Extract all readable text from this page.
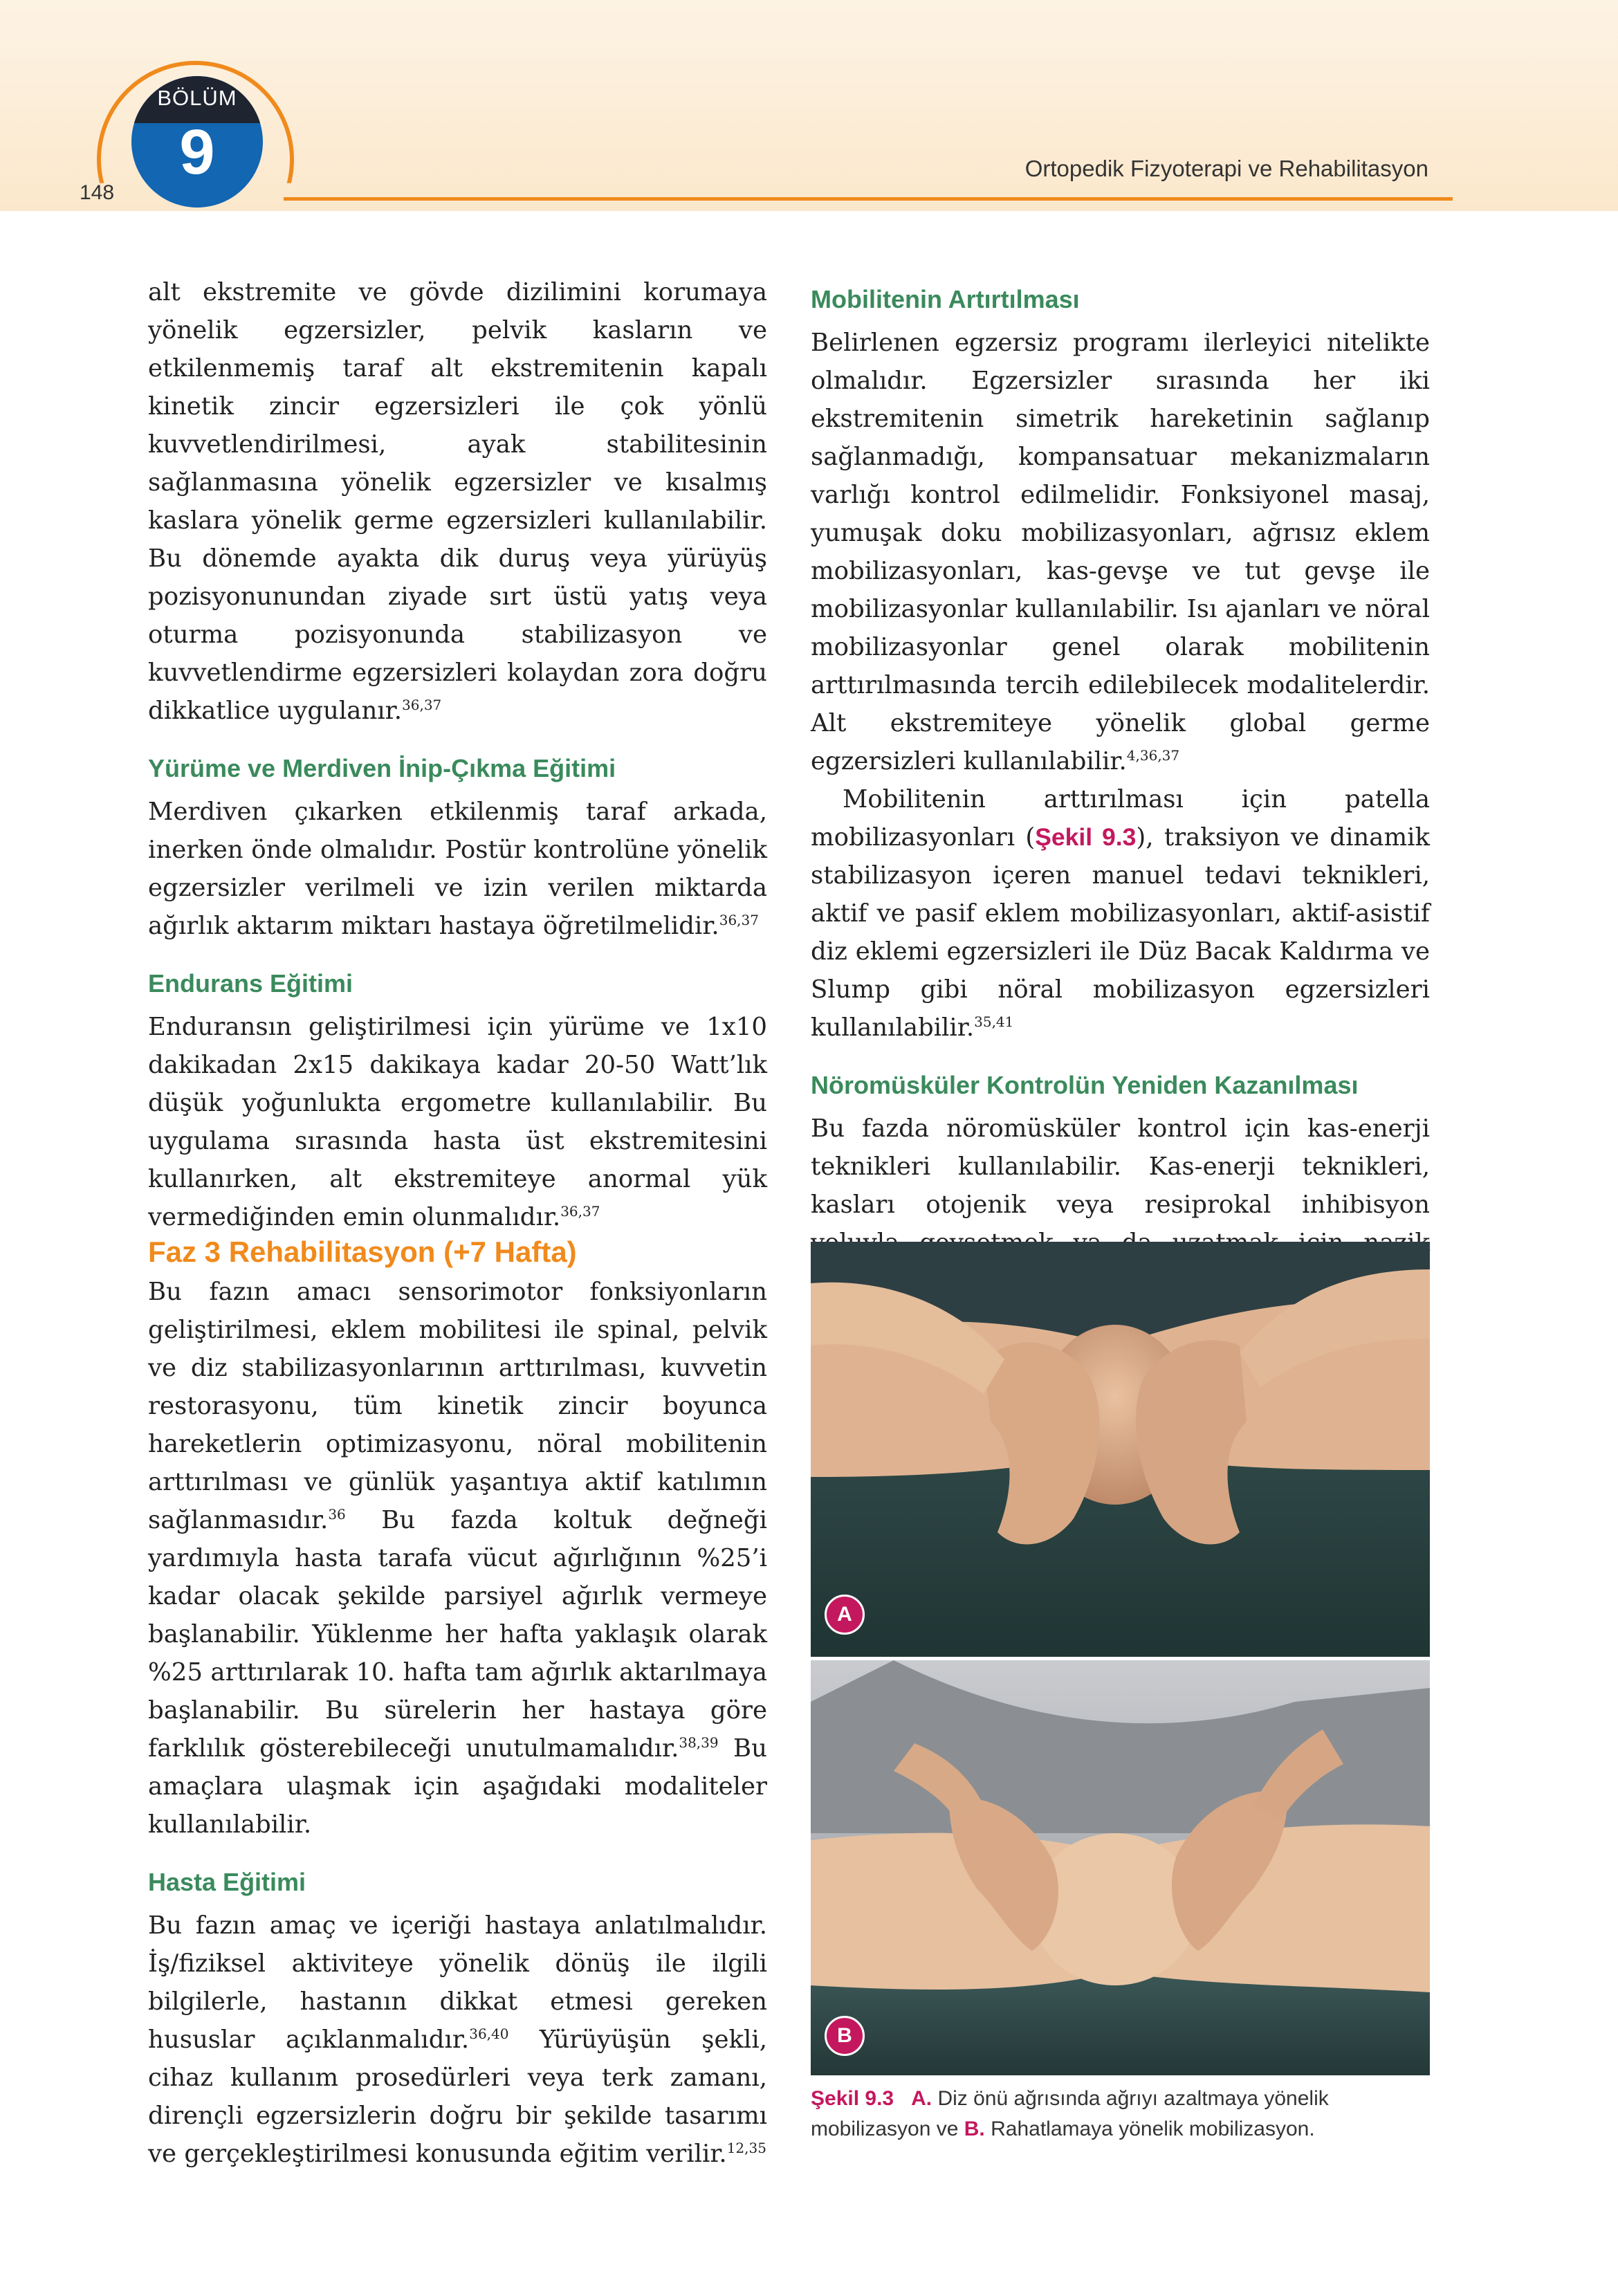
BÖLÜM
9
148
Ortopedik Fizyoterapi ve Rehabilitasyon

alt ekstremite ve gövde dizilimini korumaya yönelik egzersizler, pelvik kasların ve etkilenmemiş taraf alt ekstremitenin kapalı kinetik zincir egzersizleri ile çok yönlü kuvvetlendirilmesi, ayak stabilitesinin sağlanmasına yönelik egzersizler ve kısalmış kaslara yönelik germe egzersizleri kullanılabilir. Bu dönemde ayakta dik duruş veya yürüyüş pozisyonunundan ziyade sırt üstü yatış veya oturma pozisyonunda stabilizasyon ve kuvvetlendirme egzersizleri kolaydan zora doğru dikkatlice uygulanır.$^{36,37}$

Yürüme ve Merdiven İnip-Çıkma Eğitimi

Merdiven çıkarken etkilenmiş taraf arkada, inerken önde olmalıdır. Postür kontrolüne yönelik egzersizler verilmeli ve izin verilen miktarda ağırlık aktarım miktarı hastaya öğretilmelidir.$^{36,37}$

Endurans Eğitimi

Enduransın geliştirilmesi için yürüme ve 1x10 dakikadan 2x15 dakikaya kadar 20-50 Watt’lık düşük yoğunlukta ergometre kullanılabilir. Bu uygulama sırasında hasta üst ekstremitesini kullanırken, alt ekstremiteye anormal yük vermediğinden emin olunmalıdır.$^{36,37}$

Faz 3 Rehabilitasyon (+7 Hafta)

Bu fazın amacı sensorimotor fonksiyonların geliştirilmesi, eklem mobilitesi ile spinal, pelvik ve diz stabilizasyonlarının arttırılması, kuvvetin restorasyonu, tüm kinetik zincir boyunca hareketlerin optimizasyonu, nöral mobilitenin arttırılması ve günlük yaşantıya aktif katılımın sağlanmasıdır.$^{36}$ Bu fazda koltuk değneği yardımıyla hasta tarafa vücut ağırlığının %25’i kadar olacak şekilde parsiyel ağırlık vermeye başlanabilir. Yüklenme her hafta yaklaşık olarak %25 arttırılarak 10. hafta tam ağırlık aktarılmaya başlanabilir. Bu sürelerin her hastaya göre farklılık gösterebileceği unutulmamalıdır.$^{38,39}$ Bu amaçlara ulaşmak için aşağıdaki modaliteler kullanılabilir.

Hasta Eğitimi

Bu fazın amaç ve içeriği hastaya anlatılmalıdır. İş/fiziksel aktiviteye yönelik dönüş ile ilgili bilgilerle, hastanın dikkat etmesi gereken hususlar açıklanmalıdır.$^{36,40}$ Yürüyüşün şekli, cihaz kullanım prosedürleri veya terk zamanı, dirençli egzersizlerin doğru bir şekilde tasarımı ve gerçekleştirilmesi konusunda eğitim verilir.$^{12,35}$

Mobilitenin Artırtılması

Belirlenen egzersiz programı ilerleyici nitelikte olmalıdır. Egzersizler sırasında her iki ekstremitenin simetrik hareketinin sağlanıp sağlanmadığı, kompansatuar mekanizmaların varlığı kontrol edilmelidir. Fonksiyonel masaj, yumuşak doku mobilizasyonları, ağrısız eklem mobilizasyonları, kas-gevşe ve tut gevşe ile mobilizasyonlar kullanılabilir. Isı ajanları ve nöral mobilizasyonlar genel olarak mobilitenin arttırılmasında tercih edilebilecek modalitelerdir. Alt ekstremiteye yönelik global germe egzersizleri kullanılabilir.$^{4,36,37}$

Mobilitenin arttırılması için patella mobilizasyonları (Şekil 9.3), traksiyon ve dinamik stabilizasyon içeren manuel tedavi teknikleri, aktif ve pasif eklem mobilizasyonları, aktif-asistif diz eklemi egzersizleri ile Düz Bacak Kaldırma ve Slump gibi nöral mobilizasyon egzersizleri kullanılabilir.$^{35,41}$

Nöromüsküler Kontrolün Yeniden Kazanılması

Bu fazda nöromüsküler kontrol için kas-enerji teknikleri kullanılabilir. Kas-enerji teknikleri, kasları otojenik veya resiprokal inhibisyon

A
B
Şekil 9.3 A. Diz önü ağrısında ağrıyı azaltmaya yönelik mobilizasyon ve B. Rahatlamaya yönelik mobilizasyon.
